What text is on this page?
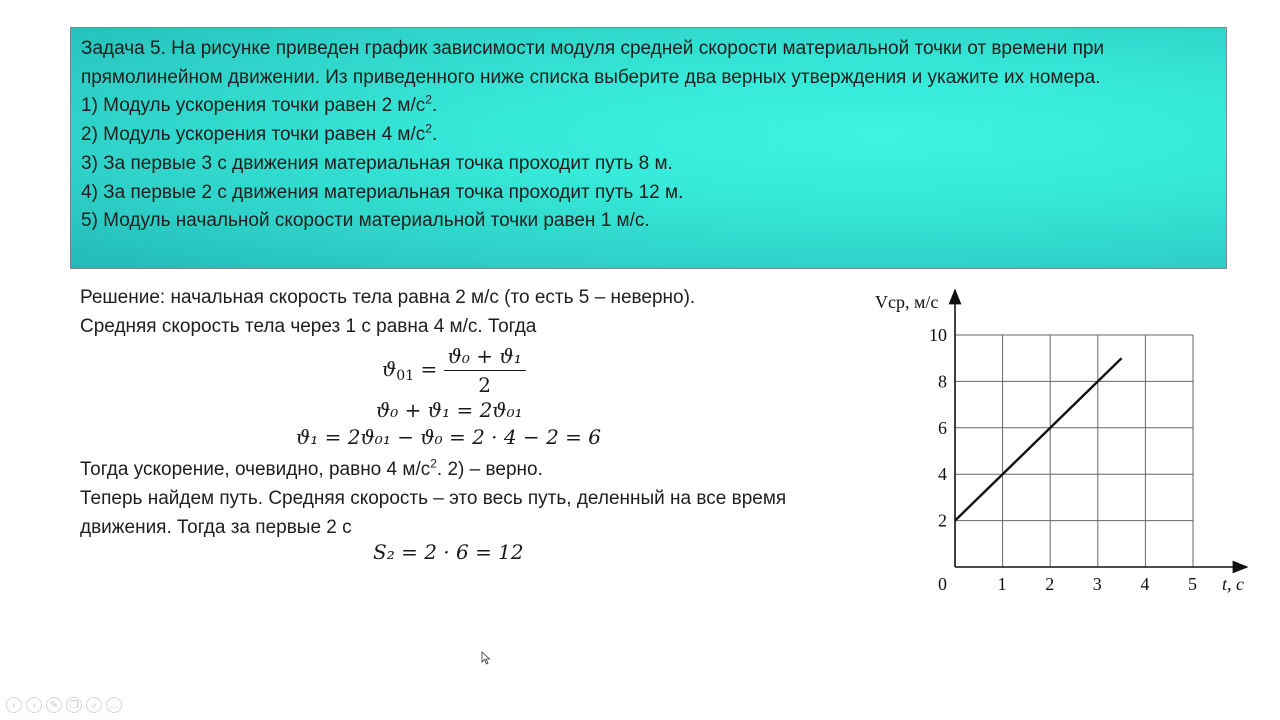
Задача 5. На рисунке приведен график зависимости модуля средней скорости материальной точки от времени при прямолинейном движении. Из приведенного ниже списка выберите два верных утверждения и укажите их номера.

1) Модуль ускорения точки равен 2 $м/с^2$.

2) Модуль ускорения точки равен 4 $м/с^2$.

3) За первые 3 с движения материальная точка проходит путь 8 м.

4) За первые 2 с движения материальная точка проходит путь 12 м.

5) Модуль начальной скорости материальной точки равен 1 м/с.

Решение: начальная скорость тела равна 2 м/с (то есть 5 – неверно).

Средняя скорость тела через 1 с равна 4 м/с. Тогда

Тогда ускорение, очевидно, равно 4 $м/с^2$. 2) – верно.

Теперь найдем путь. Средняя скорость – это весь путь, деленный на все время движения. Тогда за первые 2 с

$ϑ_{01} = \frac{\text{ϑ₀ + ϑ₁}}{2}$
ϑ₀ + ϑ₁ = 2ϑ₀₁
ϑ₁ = 2ϑ₀₁ − ϑ₀ = 2 · 4 − 2 = 6
S₂ = 2 · 6 = 12
1 2 3 4 5
2
4
6
8
10
Vср, м/с
t, с
0
‹ › ✎ ❐ ⌕ …
